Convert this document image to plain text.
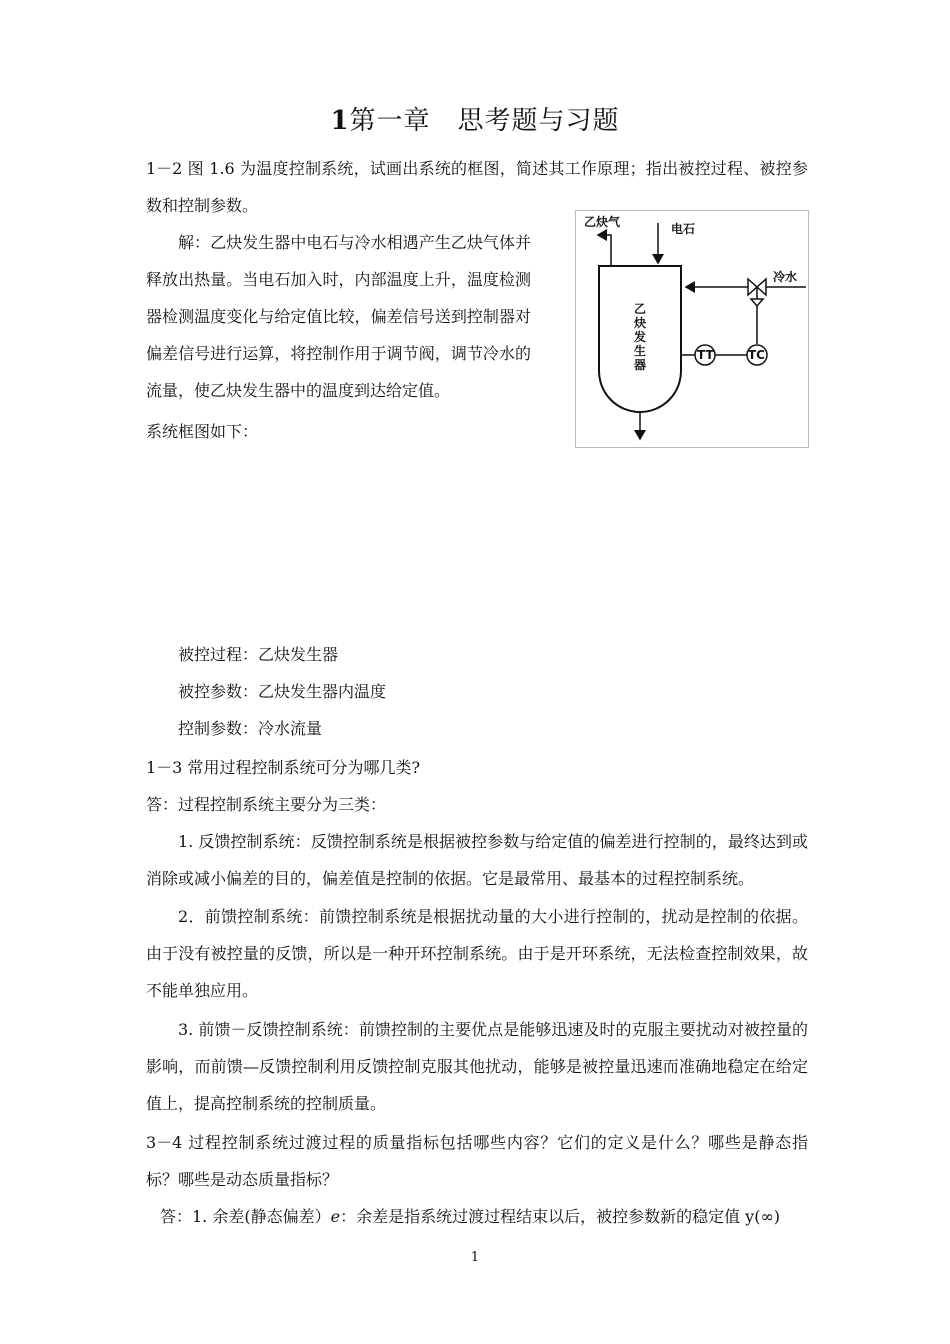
1第一章　思考题与习题
1－2 图 1.6 为温度控制系统，试画出系统的框图，简述其工作原理；指出被控过程、被控参数和控制参数。
解：乙炔发生器中电石与冷水相遇产生乙炔气体并释放出热量。当电石加入时，内部温度上升，温度检测器检测温度变化与给定值比较，偏差信号送到控制器对偏差信号进行运算，将控制作用于调节阀，调节冷水的流量，使乙炔发生器中的温度到达给定值。
系统框图如下：
乙炔气	电石
冷水
TT	TC
乙
炔
发
生
器
被控过程：乙炔发生器
被控参数：乙炔发生器内温度
控制参数：冷水流量
1－3 常用过程控制系统可分为哪几类?
答：过程控制系统主要分为三类：
1. 反馈控制系统：反馈控制系统是根据被控参数与给定值的偏差进行控制的，最终达到或消除或减小偏差的目的，偏差值是控制的依据。它是最常用、最基本的过程控制系统。
2．前馈控制系统：前馈控制系统是根据扰动量的大小进行控制的，扰动是控制的依据。由于没有被控量的反馈，所以是一种开环控制系统。由于是开环系统，无法检查控制效果，故不能单独应用。
3. 前馈－反馈控制系统：前馈控制的主要优点是能够迅速及时的克服主要扰动对被控量的影响，而前馈—反馈控制利用反馈控制克服其他扰动，能够是被控量迅速而准确地稳定在给定值上，提高控制系统的控制质量。
3－4 过程控制系统过渡过程的质量指标包括哪些内容？它们的定义是什么？哪些是静态指标？哪些是动态质量指标？
答：1. 余差(静态偏差）e：余差是指系统过渡过程结束以后，被控参数新的稳定值 y(∞)
1
